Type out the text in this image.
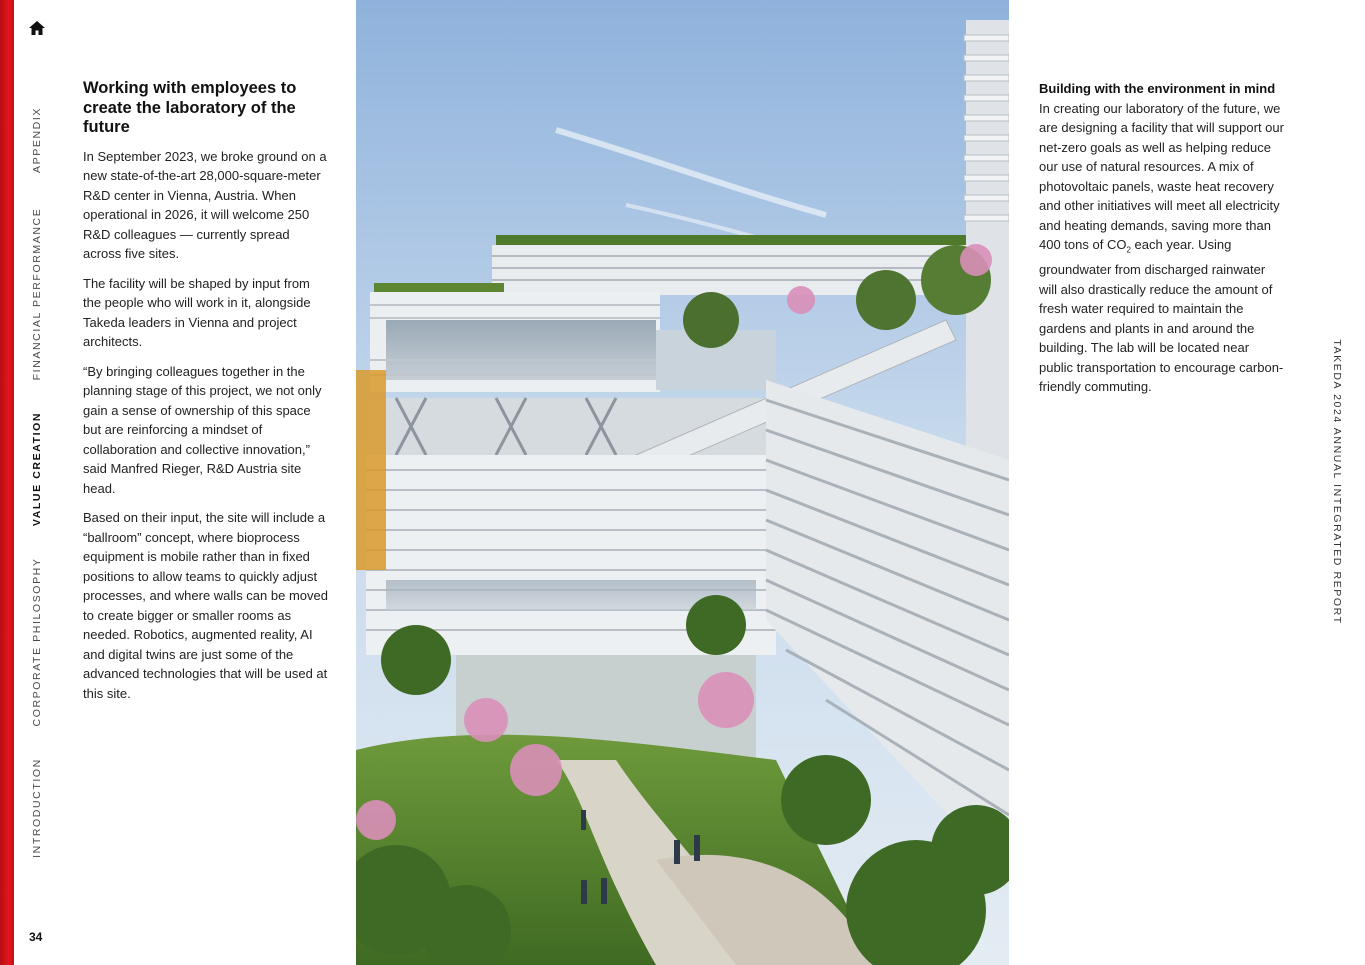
APPENDIX
FINANCIAL PERFORMANCE
VALUE CREATION
CORPORATE PHILOSOPHY
INTRODUCTION
34
Working with employees to create the laboratory of the future

In September 2023, we broke ground on a new state-of-the-art 28,000-square-meter R&D center in Vienna, Austria. When operational in 2026, it will welcome 250 R&D colleagues — currently spread across five sites.

The facility will be shaped by input from the people who will work in it, alongside Takeda leaders in Vienna and project architects.

“By bringing colleagues together in the planning stage of this project, we not only gain a sense of ownership of this space but are reinforcing a mindset of collaboration and collective innovation,” said Manfred Rieger, R&D Austria site head.

Based on their input, the site will include a “ballroom” concept, where bioprocess equipment is mobile rather than in fixed positions to allow teams to quickly adjust processes, and where walls can be moved to create bigger or smaller rooms as needed. Robotics, augmented reality, AI and digital twins are just some of the advanced technologies that will be used at this site.

Building with the environment in mind

In creating our laboratory of the future, we are designing a facility that will support our net-zero goals as well as helping reduce our use of natural resources. A mix of photovoltaic panels, waste heat recovery and other initiatives will meet all electricity and heating demands, saving more than 400 tons of $CO_2$ each year. Using groundwater from discharged rainwater will also drastically reduce the amount of fresh water required to maintain the gardens and plants in and around the building. The lab will be located near public transportation to encourage carbon-friendly commuting.	TAKEDA 2024 ANNUAL INTEGRATED REPORT
